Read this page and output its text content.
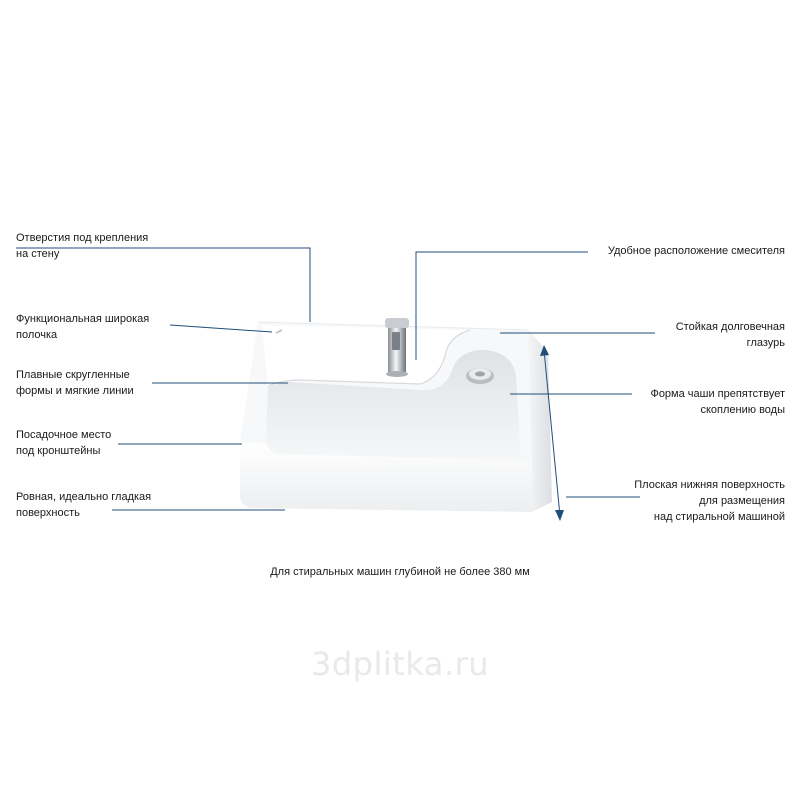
Отверстия под крепления
на стену
Функциональная широкая
полочка
Плавные скругленные
формы и мягкие линии
Посадочное место
под кронштейны
Ровная, идеально гладкая
поверхность
Удобное расположение смесителя
Стойкая долговечная
глазурь
Форма чаши препятствует
скоплению воды
Плоская нижняя поверхность
для размещения
над стиральной машиной
Для стиральных машин глубиной не более 380 мм
3dplitka.ru
